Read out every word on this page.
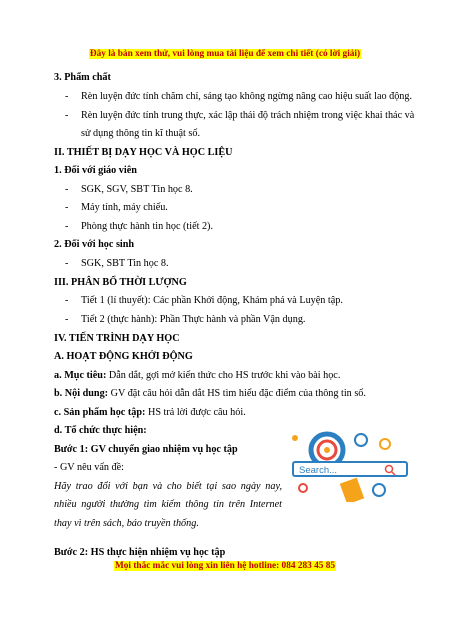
Đây là bản xem thử, vui lòng mua tài liệu để xem chi tiết (có lời giải)
3. Phẩm chất
- Rèn luyện đức tính chăm chỉ, sáng tạo không ngừng nâng cao hiệu suất lao động.
- Rèn luyện đức tính trung thực, xác lập thái độ trách nhiệm trong việc khai thác và
sử dụng thông tin kĩ thuật số.
II. THIẾT BỊ DẠY HỌC VÀ HỌC LIỆU
1. Đối với giáo viên
- SGK, SGV, SBT Tin học 8.
- Máy tính, máy chiếu.
- Phòng thực hành tin học (tiết 2).
2. Đối với học sinh
- SGK, SBT Tin học 8.
III. PHÂN BỔ THỜI LƯỢNG
- Tiết 1 (lí thuyết): Các phần Khởi động, Khám phá và Luyện tập.
- Tiết 2 (thực hành): Phần Thực hành và phần Vận dụng.
IV. TIẾN TRÌNH DẠY HỌC
A. HOẠT ĐỘNG KHỞI ĐỘNG
a. Mục tiêu: Dẫn dắt, gợi mở kiến thức cho HS trước khi vào bài học.
b. Nội dung: GV đặt câu hỏi dẫn dắt HS tìm hiểu đặc điểm của thông tin số.
c. Sản phẩm học tập: HS trả lời được câu hỏi.
d. Tổ chức thực hiện:
Bước 1: GV chuyển giao nhiệm vụ học tập
- GV nêu vấn đề:
Hãy trao đổi với bạn và cho biết tại sao ngày nay,
nhiều người thường tìm kiếm thông tin trên Internet
thay vì trên sách, báo truyền thống.
Bước 2: HS thực hiện nhiệm vụ học tập
Search...
Mọi thắc mắc vui lòng xin liên hệ hotline: 084 283 45 85
